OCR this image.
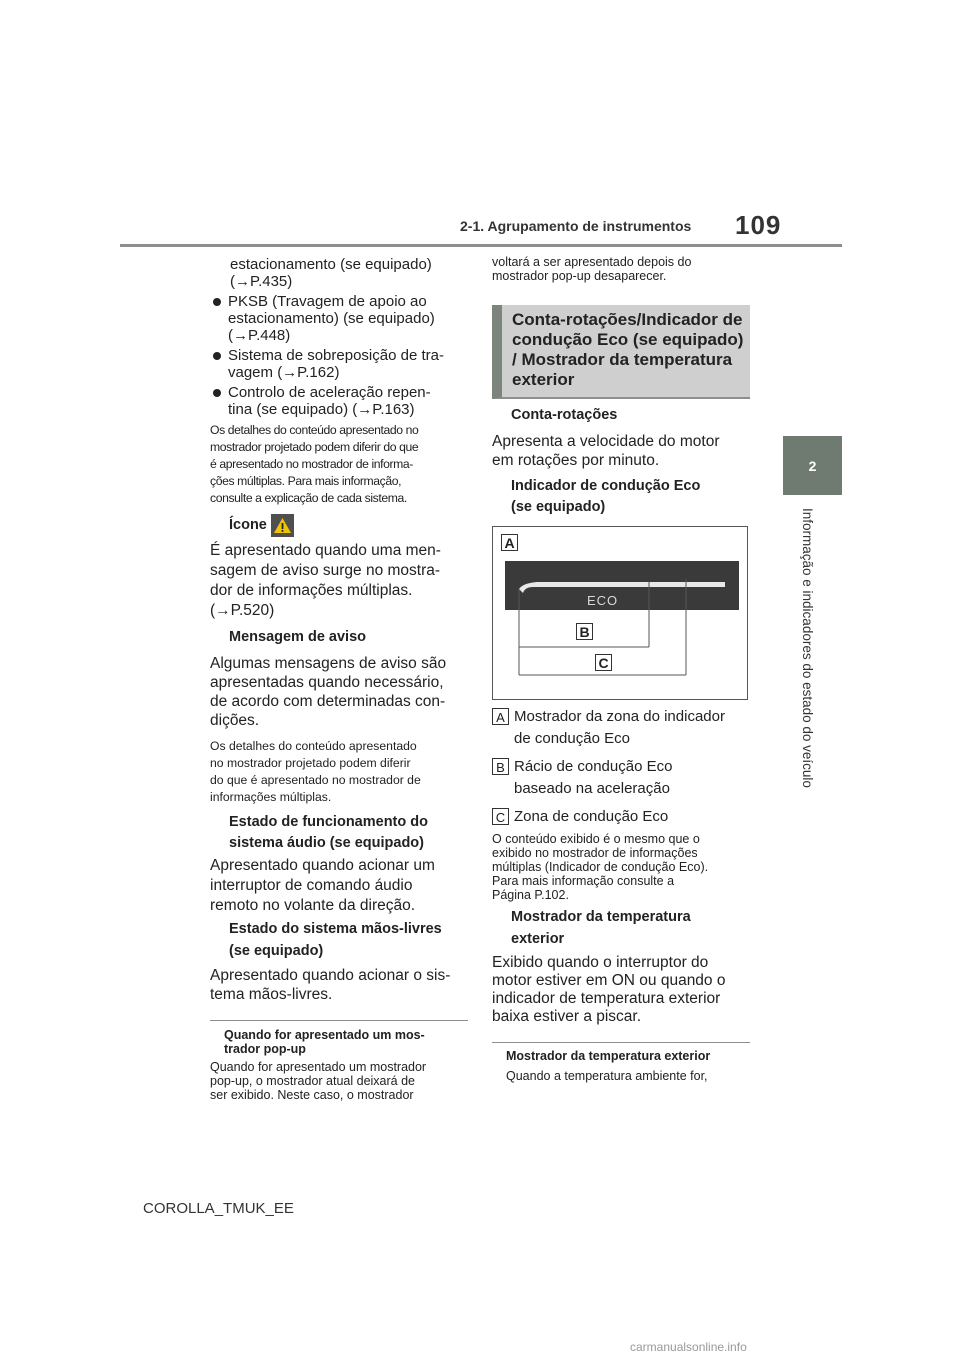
2-1. Agrupamento de instrumentos 109
2
Informação e indicadores do estado do veículo

estacionamento (se equipado)
(→P.435)

PKSB (Travagem de apoio ao
estacionamento) (se equipado)
(→P.448)

Sistema de sobreposição de tra-
vagem (→P.162)

Controlo de aceleração repen-
tina (se equipado) (→P.163)

Os detalhes do conteúdo apresentado no
mostrador projetado podem diferir do que
é apresentado no mostrador de informa-
ções múltiplas. Para mais informação,
consulte a explicação de cada sistema.

Ícone

É apresentado quando uma men-
sagem de aviso surge no mostra-
dor de informações múltiplas.
(→P.520)

Mensagem de aviso

Algumas mensagens de aviso são
apresentadas quando necessário,
de acordo com determinadas con-
dições.

Os detalhes do conteúdo apresentado
no mostrador projetado podem diferir
do que é apresentado no mostrador de
informações múltiplas.

Estado de funcionamento do
sistema áudio (se equipado)

Apresentado quando acionar um
interruptor de comando áudio
remoto no volante da direção.

Estado do sistema mãos-livres
(se equipado)

Apresentado quando acionar o sis-
tema mãos-livres.

Quando for apresentado um mos-
trador pop-up

Quando for apresentado um mostrador
pop-up, o mostrador atual deixará de
ser exibido. Neste caso, o mostrador

voltará a ser apresentado depois do
mostrador pop-up desaparecer.

Conta-rotações/Indicador de
condução Eco (se equipado)
/ Mostrador da temperatura
exterior

Conta-rotações

Apresenta a velocidade do motor
em rotações por minuto.

Indicador de condução Eco
(se equipado)

A
ECO
B
C

A Mostrador da zona do indicador
de condução Eco

B Rácio de condução Eco
baseado na aceleração

C Zona de condução Eco

O conteúdo exibido é o mesmo que o
exibido no mostrador de informações
múltiplas (Indicador de condução Eco).
Para mais informação consulte a
Página P.102.

Mostrador da temperatura
exterior

Exibido quando o interruptor do
motor estiver em ON ou quando o
indicador de temperatura exterior
baixa estiver a piscar.

Mostrador da temperatura exterior

Quando a temperatura ambiente for,

COROLLA_TMUK_EE
carmanualsonline.info
